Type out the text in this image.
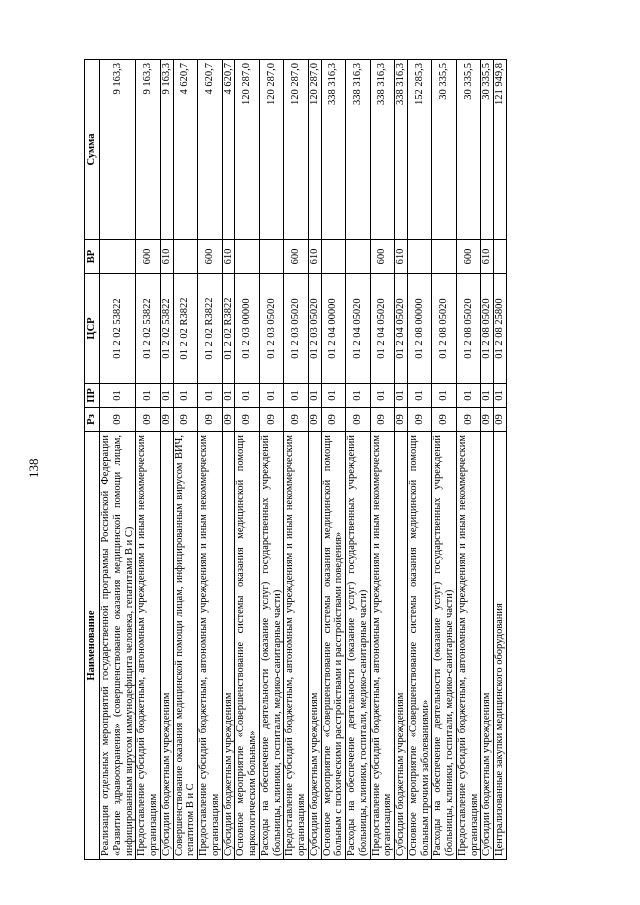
138
Наименование	Рз	ПР	ЦСР	ВР	Сумма
Реализация отдельных мероприятий государственной программы Российской Федерации «Развитие здравоохранения» (совершенствование оказания медицинской помощи лицам, инфицированным вирусом иммунодефицита человека, гепатитами В и С)	09	01	01 2 02 53822		9 163,3
Предоставление субсидий бюджетным, автономным учреждениям и иным некоммерческим организациям	09	01	01 2 02 53822	600	9 163,3
Субсидии бюджетным учреждениям	09	01	01 2 02 53822	610	9 163,3
Совершенствование оказания медицинской помощи лицам, инфицированным вирусом ВИЧ, гепатитом В и С	09	01	01 2 02 R3822		4 620,7
Предоставление субсидий бюджетным, автономным учреждениям и иным некоммерческим организациям	09	01	01 2 02 R3822	600	4 620,7
Субсидии бюджетным учреждениям	09	01	01 2 02 R3822	610	4 620,7
Основное мероприятие «Совершенствование системы оказания медицинской помощи наркологическим больным»	09	01	01 2 03 00000		120 287,0
Расходы на обеспечение деятельности (оказание услуг) государственных учреждений (больницы, клиники, госпитали, медико-санитарные части)	09	01	01 2 03 05020		120 287,0
Предоставление субсидий бюджетным, автономным учреждениям и иным некоммерческим организациям	09	01	01 2 03 05020	600	120 287,0
Субсидии бюджетным учреждениям	09	01	01 2 03 05020	610	120 287,0
Основное мероприятие «Совершенствование системы оказания медицинской помощи больным с психическими расстройствами и расстройствами поведения»	09	01	01 2 04 00000		338 316,3
Расходы на обеспечение деятельности (оказание услуг) государственных учреждений (больницы, клиники, госпитали, медико-санитарные части)	09	01	01 2 04 05020		338 316,3
Предоставление субсидий бюджетным, автономным учреждениям и иным некоммерческим организациям	09	01	01 2 04 05020	600	338 316,3
Субсидии бюджетным учреждениям	09	01	01 2 04 05020	610	338 316,3
Основное мероприятие «Совершенствование системы оказания медицинской помощи больным прочими заболеваниями»	09	01	01 2 08 00000		152 285,3
Расходы на обеспечение деятельности (оказание услуг) государственных учреждений (больницы, клиники, госпитали, медико-санитарные части)	09	01	01 2 08 05020		30 335,5
Предоставление субсидий бюджетным, автономным учреждениям и иным некоммерческим организациям	09	01	01 2 08 05020	600	30 335,5
Субсидии бюджетным учреждениям	09	01	01 2 08 05020	610	30 335,5
Централизованные закупки медицинского оборудования	09	01	01 2 08 25800		121 949,8
